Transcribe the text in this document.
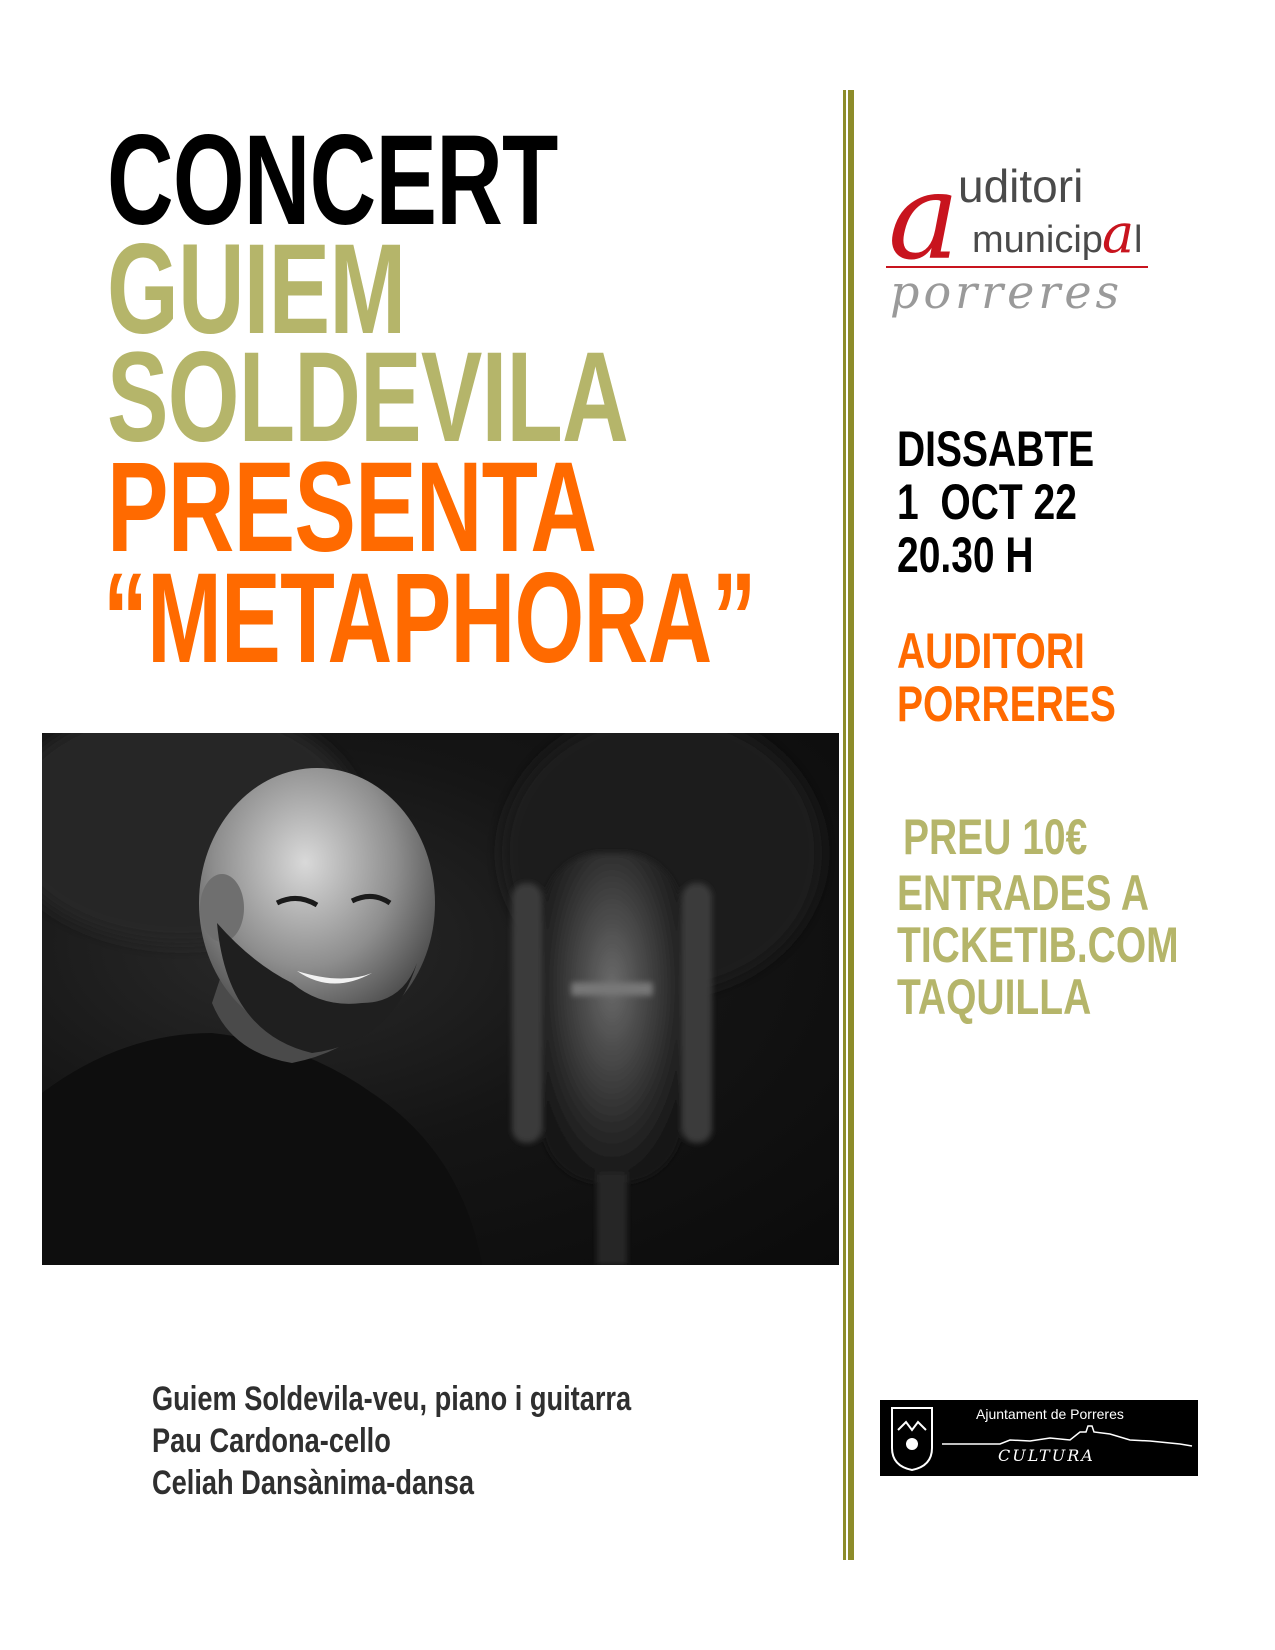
CONCERT
GUIEM
SOLDEVILA
PRESENTA
“METAPHORA”
Guiem Soldevila-veu, piano i guitarra
Pau Cardona-cello
Celiah Dansànima-dansa
a
uditori
municip a l
porreres
DISSABTE
1  OCT 22
20.30 H
AUDITORI
PORRERES
PREU 10€
ENTRADES A
TICKETIB.COM
TAQUILLA
Ajuntament de Porreres
CULTURA
